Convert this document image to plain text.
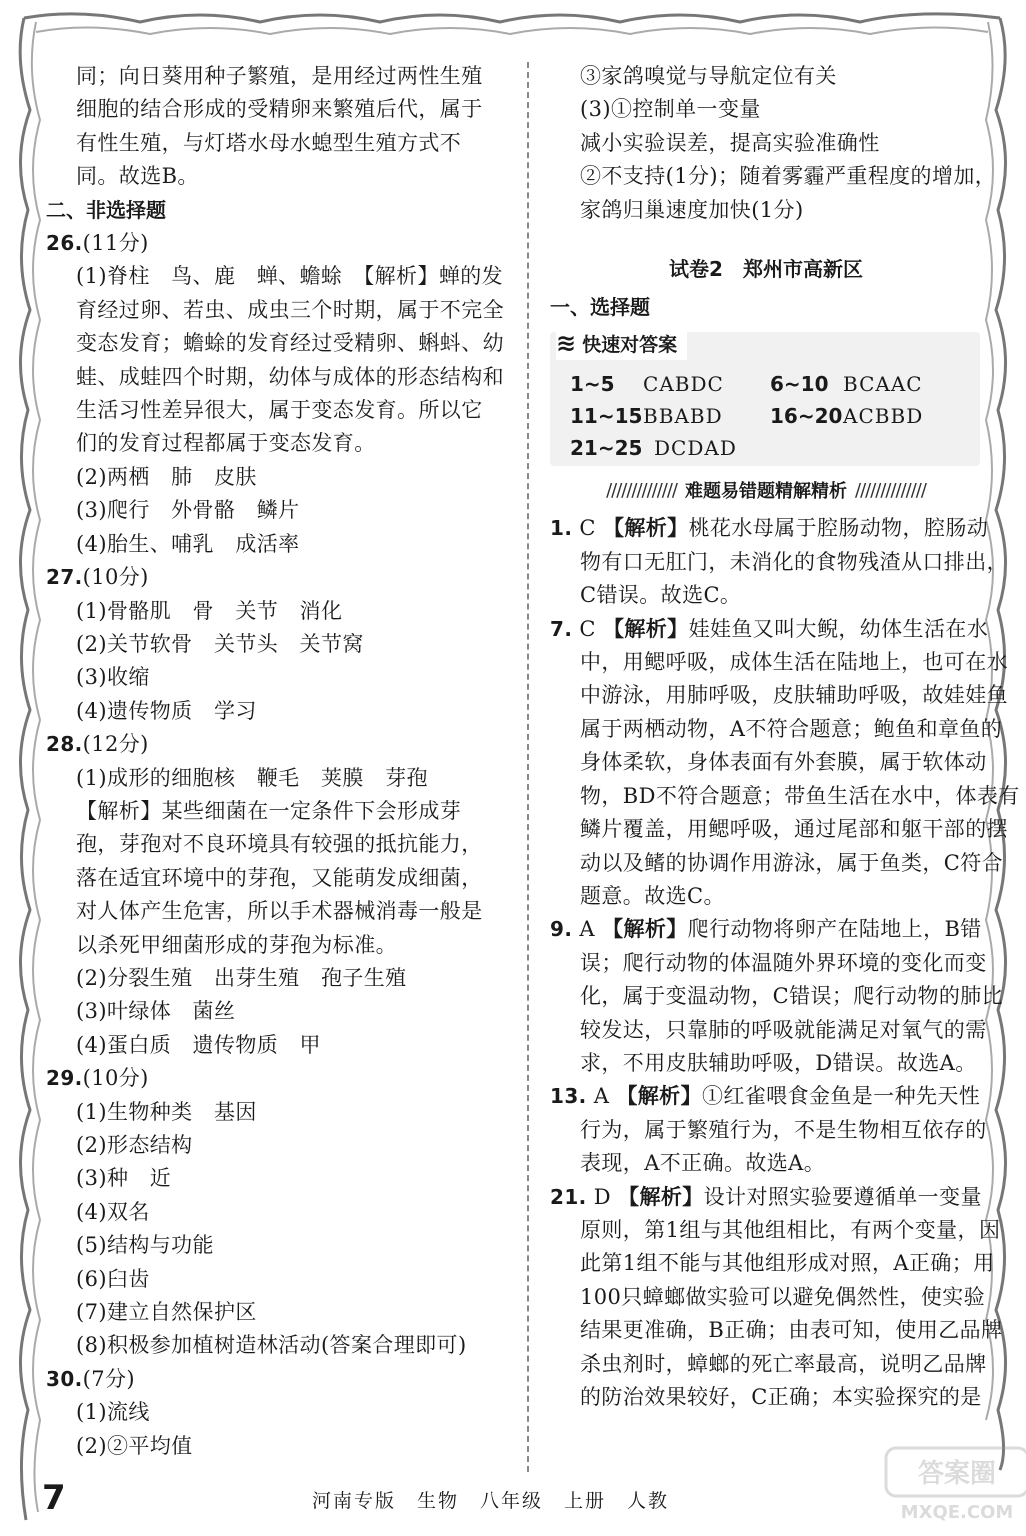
同；向日葵用种子繁殖，是用经过两性生殖
细胞的结合形成的受精卵来繁殖后代，属于
有性生殖，与灯塔水母水螅型生殖方式不
同。故选B。
二、非选择题
26.(11分)
(1)脊柱　鸟、鹿　蝉、蟾蜍　【解析】蝉的发
育经过卵、若虫、成虫三个时期，属于不完全
变态发育；蟾蜍的发育经过受精卵、蝌蚪、幼
蛙、成蛙四个时期，幼体与成体的形态结构和
生活习性差异很大，属于变态发育。所以它
们的发育过程都属于变态发育。
(2)两栖　肺　皮肤
(3)爬行　外骨骼　鳞片
(4)胎生、哺乳　成活率
27.(10分)
(1)骨骼肌　骨　关节　消化
(2)关节软骨　关节头　关节窝
(3)收缩
(4)遗传物质　学习
28.(12分)
(1)成形的细胞核　鞭毛　荚膜　芽孢
【解析】某些细菌在一定条件下会形成芽
孢，芽孢对不良环境具有较强的抵抗能力，
落在适宜环境中的芽孢，又能萌发成细菌，
对人体产生危害，所以手术器械消毒一般是
以杀死甲细菌形成的芽孢为标准。
(2)分裂生殖　出芽生殖　孢子生殖
(3)叶绿体　菌丝
(4)蛋白质　遗传物质　甲
29.(10分)
(1)生物种类　基因
(2)形态结构
(3)种　近
(4)双名
(5)结构与功能
(6)臼齿
(7)建立自然保护区
(8)积极参加植树造林活动(答案合理即可)
30.(7分)
(1)流线
(2)②平均值
③家鸽嗅觉与导航定位有关
(3)①控制单一变量
减小实验误差，提高实验准确性
②不支持(1分)；随着雾霾严重程度的增加，
家鸽归巢速度加快(1分)
试卷2　郑州市高新区
一、选择题
≋ 快速对答案
1~5	CABDC	6~10 BCAAC
11~15 BBABD	16~20 ACBBD
21~25 DCDAD
////////////// 难题易错题精解精析 //////////////
1. C 【解析】桃花水母属于腔肠动物，腔肠动
物有口无肛门，未消化的食物残渣从口排出，
C错误。故选C。
7. C 【解析】娃娃鱼又叫大鲵，幼体生活在水
中，用鳃呼吸，成体生活在陆地上，也可在水
中游泳，用肺呼吸，皮肤辅助呼吸，故娃娃鱼
属于两栖动物，A不符合题意；鲍鱼和章鱼的
身体柔软，身体表面有外套膜，属于软体动
物，BD不符合题意；带鱼生活在水中，体表有
鳞片覆盖，用鳃呼吸，通过尾部和躯干部的摆
动以及鳍的协调作用游泳，属于鱼类，C符合
题意。故选C。
9. A 【解析】爬行动物将卵产在陆地上，B错
误；爬行动物的体温随外界环境的变化而变
化，属于变温动物，C错误；爬行动物的肺比
较发达，只靠肺的呼吸就能满足对氧气的需
求，不用皮肤辅助呼吸，D错误。故选A。
13. A 【解析】①红雀喂食金鱼是一种先天性
行为，属于繁殖行为，不是生物相互依存的
表现，A不正确。故选A。
21. D 【解析】设计对照实验要遵循单一变量
原则，第1组与其他组相比，有两个变量，因
此第1组不能与其他组形成对照，A正确；用
100只蟑螂做实验可以避免偶然性，使实验
结果更准确，B正确；由表可知，使用乙品牌
杀虫剂时，蟑螂的死亡率最高，说明乙品牌
的防治效果较好，C正确；本实验探究的是
7	河南专版　生物　八年级　上册　人教
答案圈
MXQE.COM
